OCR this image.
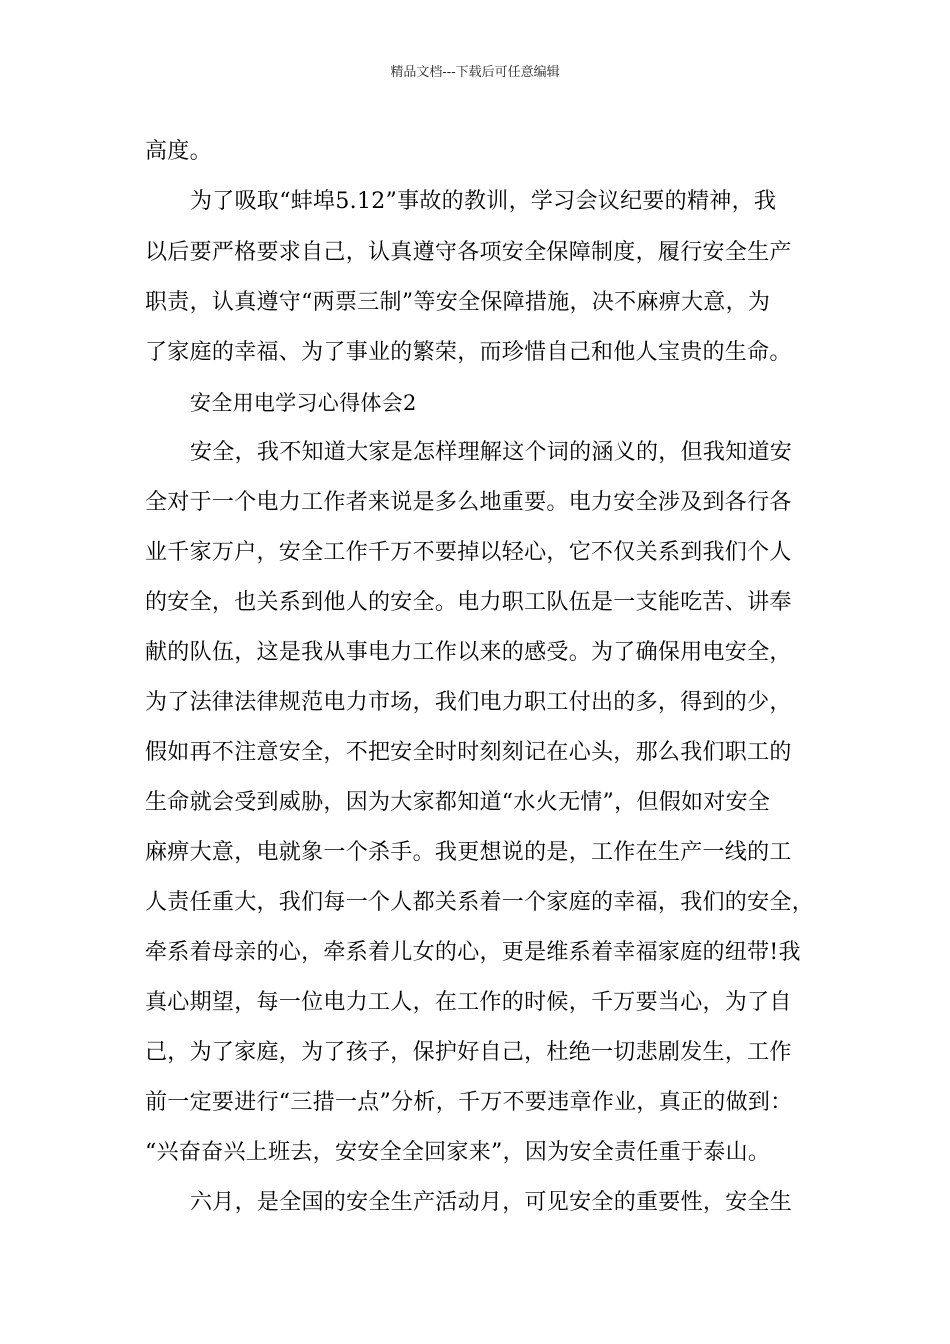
精品文档---下载后可任意编辑
高度。
为了吸取“蚌埠5.12”事故的教训，学习会议纪要的精神，我
以后要严格要求自己，认真遵守各项安全保障制度，履行安全生产
职责，认真遵守“两票三制”等安全保障措施，决不麻痹大意，为
了家庭的幸福、为了事业的繁荣，而珍惜自己和他人宝贵的生命。
安全用电学习心得体会2
安全，我不知道大家是怎样理解这个词的涵义的，但我知道安
全对于一个电力工作者来说是多么地重要。电力安全涉及到各行各
业千家万户，安全工作千万不要掉以轻心，它不仅关系到我们个人
的安全，也关系到他人的安全。电力职工队伍是一支能吃苦、讲奉
献的队伍，这是我从事电力工作以来的感受。为了确保用电安全，
为了法律法律规范电力市场，我们电力职工付出的多，得到的少，
假如再不注意安全，不把安全时时刻刻记在心头，那么我们职工的
生命就会受到威胁，因为大家都知道“水火无情”，但假如对安全
麻痹大意，电就象一个杀手。我更想说的是，工作在生产一线的工
人责任重大，我们每一个人都关系着一个家庭的幸福，我们的安全，
牵系着母亲的心，牵系着儿女的心，更是维系着幸福家庭的纽带!我
真心期望，每一位电力工人，在工作的时候，千万要当心，为了自
己，为了家庭，为了孩子，保护好自己，杜绝一切悲剧发生，工作
前一定要进行“三措一点”分析，千万不要违章作业，真正的做到：
“兴奋奋兴上班去，安安全全回家来”，因为安全责任重于泰山。
六月，是全国的安全生产活动月，可见安全的重要性，安全生
